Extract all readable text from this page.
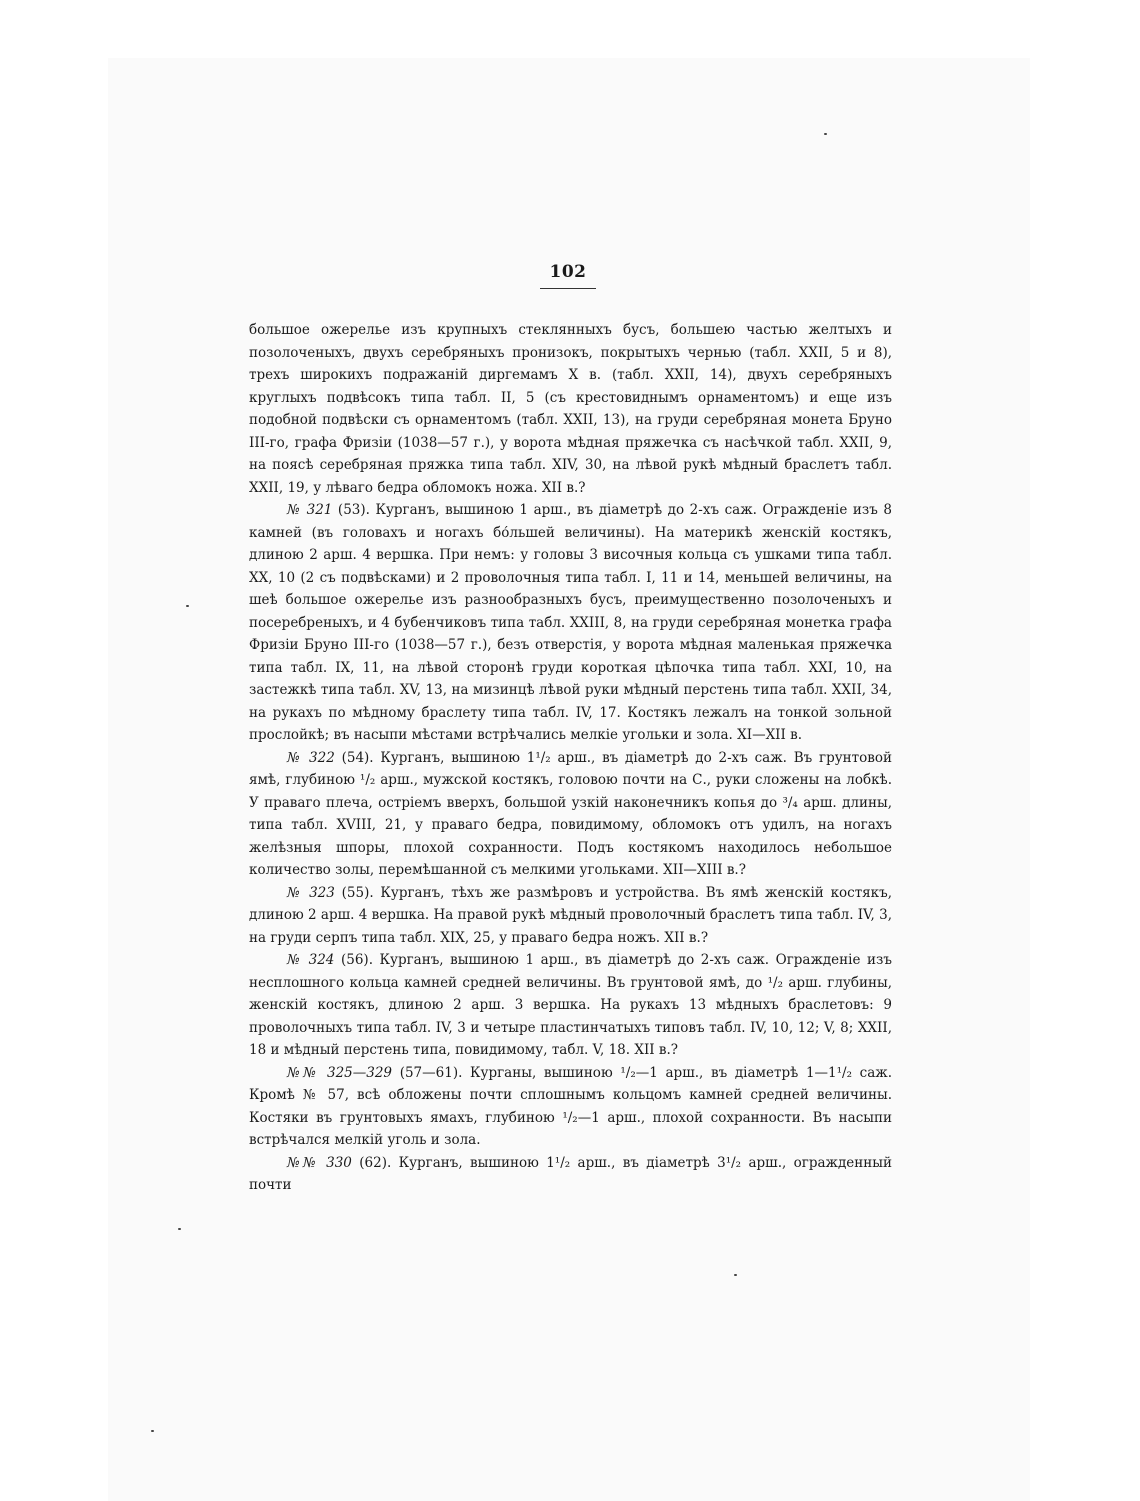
102

большое ожерелье изъ крупныхъ стеклянныхъ бусъ, большею частью желтыхъ и позолоченыхъ, двухъ серебряныхъ пронизокъ, покрытыхъ чернью (табл. XXII, 5 и 8), трехъ широкихъ подражаній диргемамъ X в. (табл. XXII, 14), двухъ серебряныхъ круглыхъ подвѣсокъ типа табл. II, 5 (съ крестовиднымъ орнаментомъ) и еще изъ подобной подвѣски съ орнаментомъ (табл. XXII, 13), на груди серебряная монета Бруно III-го, графа Фризіи (1038—57 г.), у ворота мѣдная пряжечка съ насѣчкой табл. XXII, 9, на поясѣ серебряная пряжка типа табл. XIV, 30, на лѣвой рукѣ мѣдный браслетъ табл. XXII, 19, у лѣваго бедра обломокъ ножа. XII в.?

№ 321 (53). Курганъ, вышиною 1 арш., въ діаметрѣ до 2-хъ саж. Огражденіе изъ 8 камней (въ головахъ и ногахъ бо́льшей величины). На материкѣ женскій костякъ, длиною 2 арш. 4 вершка. При немъ: у головы 3 височныя кольца съ ушками типа табл. XX, 10 (2 съ подвѣсками) и 2 проволочныя типа табл. I, 11 и 14, меньшей величины, на шеѣ большое ожерелье изъ разнообразныхъ бусъ, преимущественно позолоченыхъ и посеребреныхъ, и 4 бубенчиковъ типа табл. XXIII, 8, на груди серебряная монетка графа Фризіи Бруно III-го (1038—57 г.), безъ отверстія, у ворота мѣдная маленькая пряжечка типа табл. IX, 11, на лѣвой сторонѣ груди короткая цѣпочка типа табл. XXI, 10, на застежкѣ типа табл. XV, 13, на мизинцѣ лѣвой руки мѣдный перстень типа табл. XXII, 34, на рукахъ по мѣдному браслету типа табл. IV, 17. Костякъ лежалъ на тонкой зольной прослойкѣ; въ насыпи мѣстами встрѣчались мелкіе угольки и зола. XI—XII в.

№ 322 (54). Курганъ, вышиною 1¹/₂ арш., въ діаметрѣ до 2-хъ саж. Въ грунтовой ямѣ, глубиною ¹/₂ арш., мужской костякъ, головою почти на С., руки сложены на лобкѣ. У праваго плеча, остріемъ вверхъ, большой узкій наконечникъ копья до ³/₄ арш. длины, типа табл. XVIII, 21, у праваго бедра, повидимому, обломокъ отъ удилъ, на ногахъ желѣзныя шпоры, плохой сохранности. Подъ костякомъ находилось небольшое количество золы, перемѣшанной съ мелкими угольками. XII—XIII в.?

№ 323 (55). Курганъ, тѣхъ же размѣровъ и устройства. Въ ямѣ женскій костякъ, длиною 2 арш. 4 вершка. На правой рукѣ мѣдный проволочный браслетъ типа табл. IV, 3, на груди серпъ типа табл. XIX, 25, у праваго бедра ножъ. XII в.?

№ 324 (56). Курганъ, вышиною 1 арш., въ діаметрѣ до 2-хъ саж. Огражденіе изъ несплошного кольца камней средней величины. Въ грунтовой ямѣ, до ¹/₂ арш. глубины, женскій костякъ, длиною 2 арш. 3 вершка. На рукахъ 13 мѣдныхъ браслетовъ: 9 проволочныхъ типа табл. IV, 3 и четыре пластинчатыхъ типовъ табл. IV, 10, 12; V, 8; XXII, 18 и мѣдный перстень типа, повидимому, табл. V, 18. XII в.?

№№ 325—329 (57—61). Курганы, вышиною ¹/₂—1 арш., въ діаметрѣ 1—1¹/₂ саж. Кромѣ № 57, всѣ обложены почти сплошнымъ кольцомъ камней средней величины. Костяки въ грунтовыхъ ямахъ, глубиною ¹/₂—1 арш., плохой сохранности. Въ насыпи встрѣчался мелкій уголь и зола.

№№ 330 (62). Курганъ, вышиною 1¹/₂ арш., въ діаметрѣ 3¹/₂ арш., огражденный почти
